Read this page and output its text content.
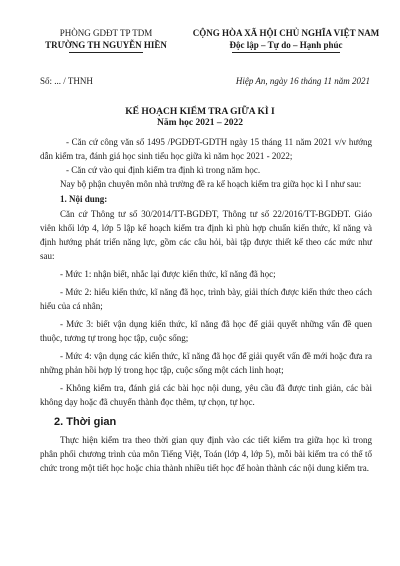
PHÒNG GDĐT TP TDM
TRƯỜNG TH NGUYỄN HIỀN
CỘNG HÒA XÃ HỘI CHỦ NGHĨA VIỆT NAM
Độc lập – Tự do – Hạnh phúc
Số: ... / THNH	Hiệp An, ngày 16 tháng 11 năm 2021
KẾ HOẠCH KIỂM TRA GIỮA KÌ I
Năm học 2021 – 2022

- Căn cứ công văn số 1495 /PGDĐT-GDTH ngày 15 tháng 11 năm 2021 v/v hướng dẫn kiểm tra, đánh giá học sinh tiểu học giữa kì năm học 2021 - 2022;

- Căn cứ vào qui định kiểm tra định kì trong năm học.

Nay bộ phận chuyên môn nhà trường đề ra kế hoạch kiểm tra giữa học kì I như sau:

1. Nội dung:

Căn cứ Thông tư số 30/2014/TT-BGDĐT, Thông tư số 22/2016/TT-BGDĐT. Giáo viên khối lớp 4, lớp 5 lập kế hoạch kiểm tra định kì phù hợp chuẩn kiến thức, kĩ năng và định hướng phát triển năng lực, gồm các câu hỏi, bài tập được thiết kế theo các mức như sau:

- Mức 1: nhận biết, nhắc lại được kiến thức, kĩ năng đã học;

- Mức 2: hiểu kiến thức, kĩ năng đã học, trình bày, giải thích được kiến thức theo cách hiểu của cá nhân;

- Mức 3: biết vận dụng kiến thức, kĩ năng đã học để giải quyết những vấn đề quen thuộc, tương tự trong học tập, cuộc sống;

- Mức 4: vận dụng các kiến thức, kĩ năng đã học để giải quyết vấn đề mới hoặc đưa ra những phản hồi hợp lý trong học tập, cuộc sống một cách linh hoạt;

- Không kiểm tra, đánh giá các bài học nội dung, yêu cầu đã được tinh giản, các bài không dạy hoặc đã chuyển thành đọc thêm, tự chọn, tự học.

2. Thời gian

Thực hiện kiểm tra theo thời gian quy định vào các tiết kiểm tra giữa học kì trong phân phối chương trình của môn Tiếng Việt, Toán (lớp 4, lớp 5), mỗi bài kiểm tra có thể tổ chức trong một tiết học hoặc chia thành nhiều tiết học để hoàn thành các nội dung kiểm tra.
